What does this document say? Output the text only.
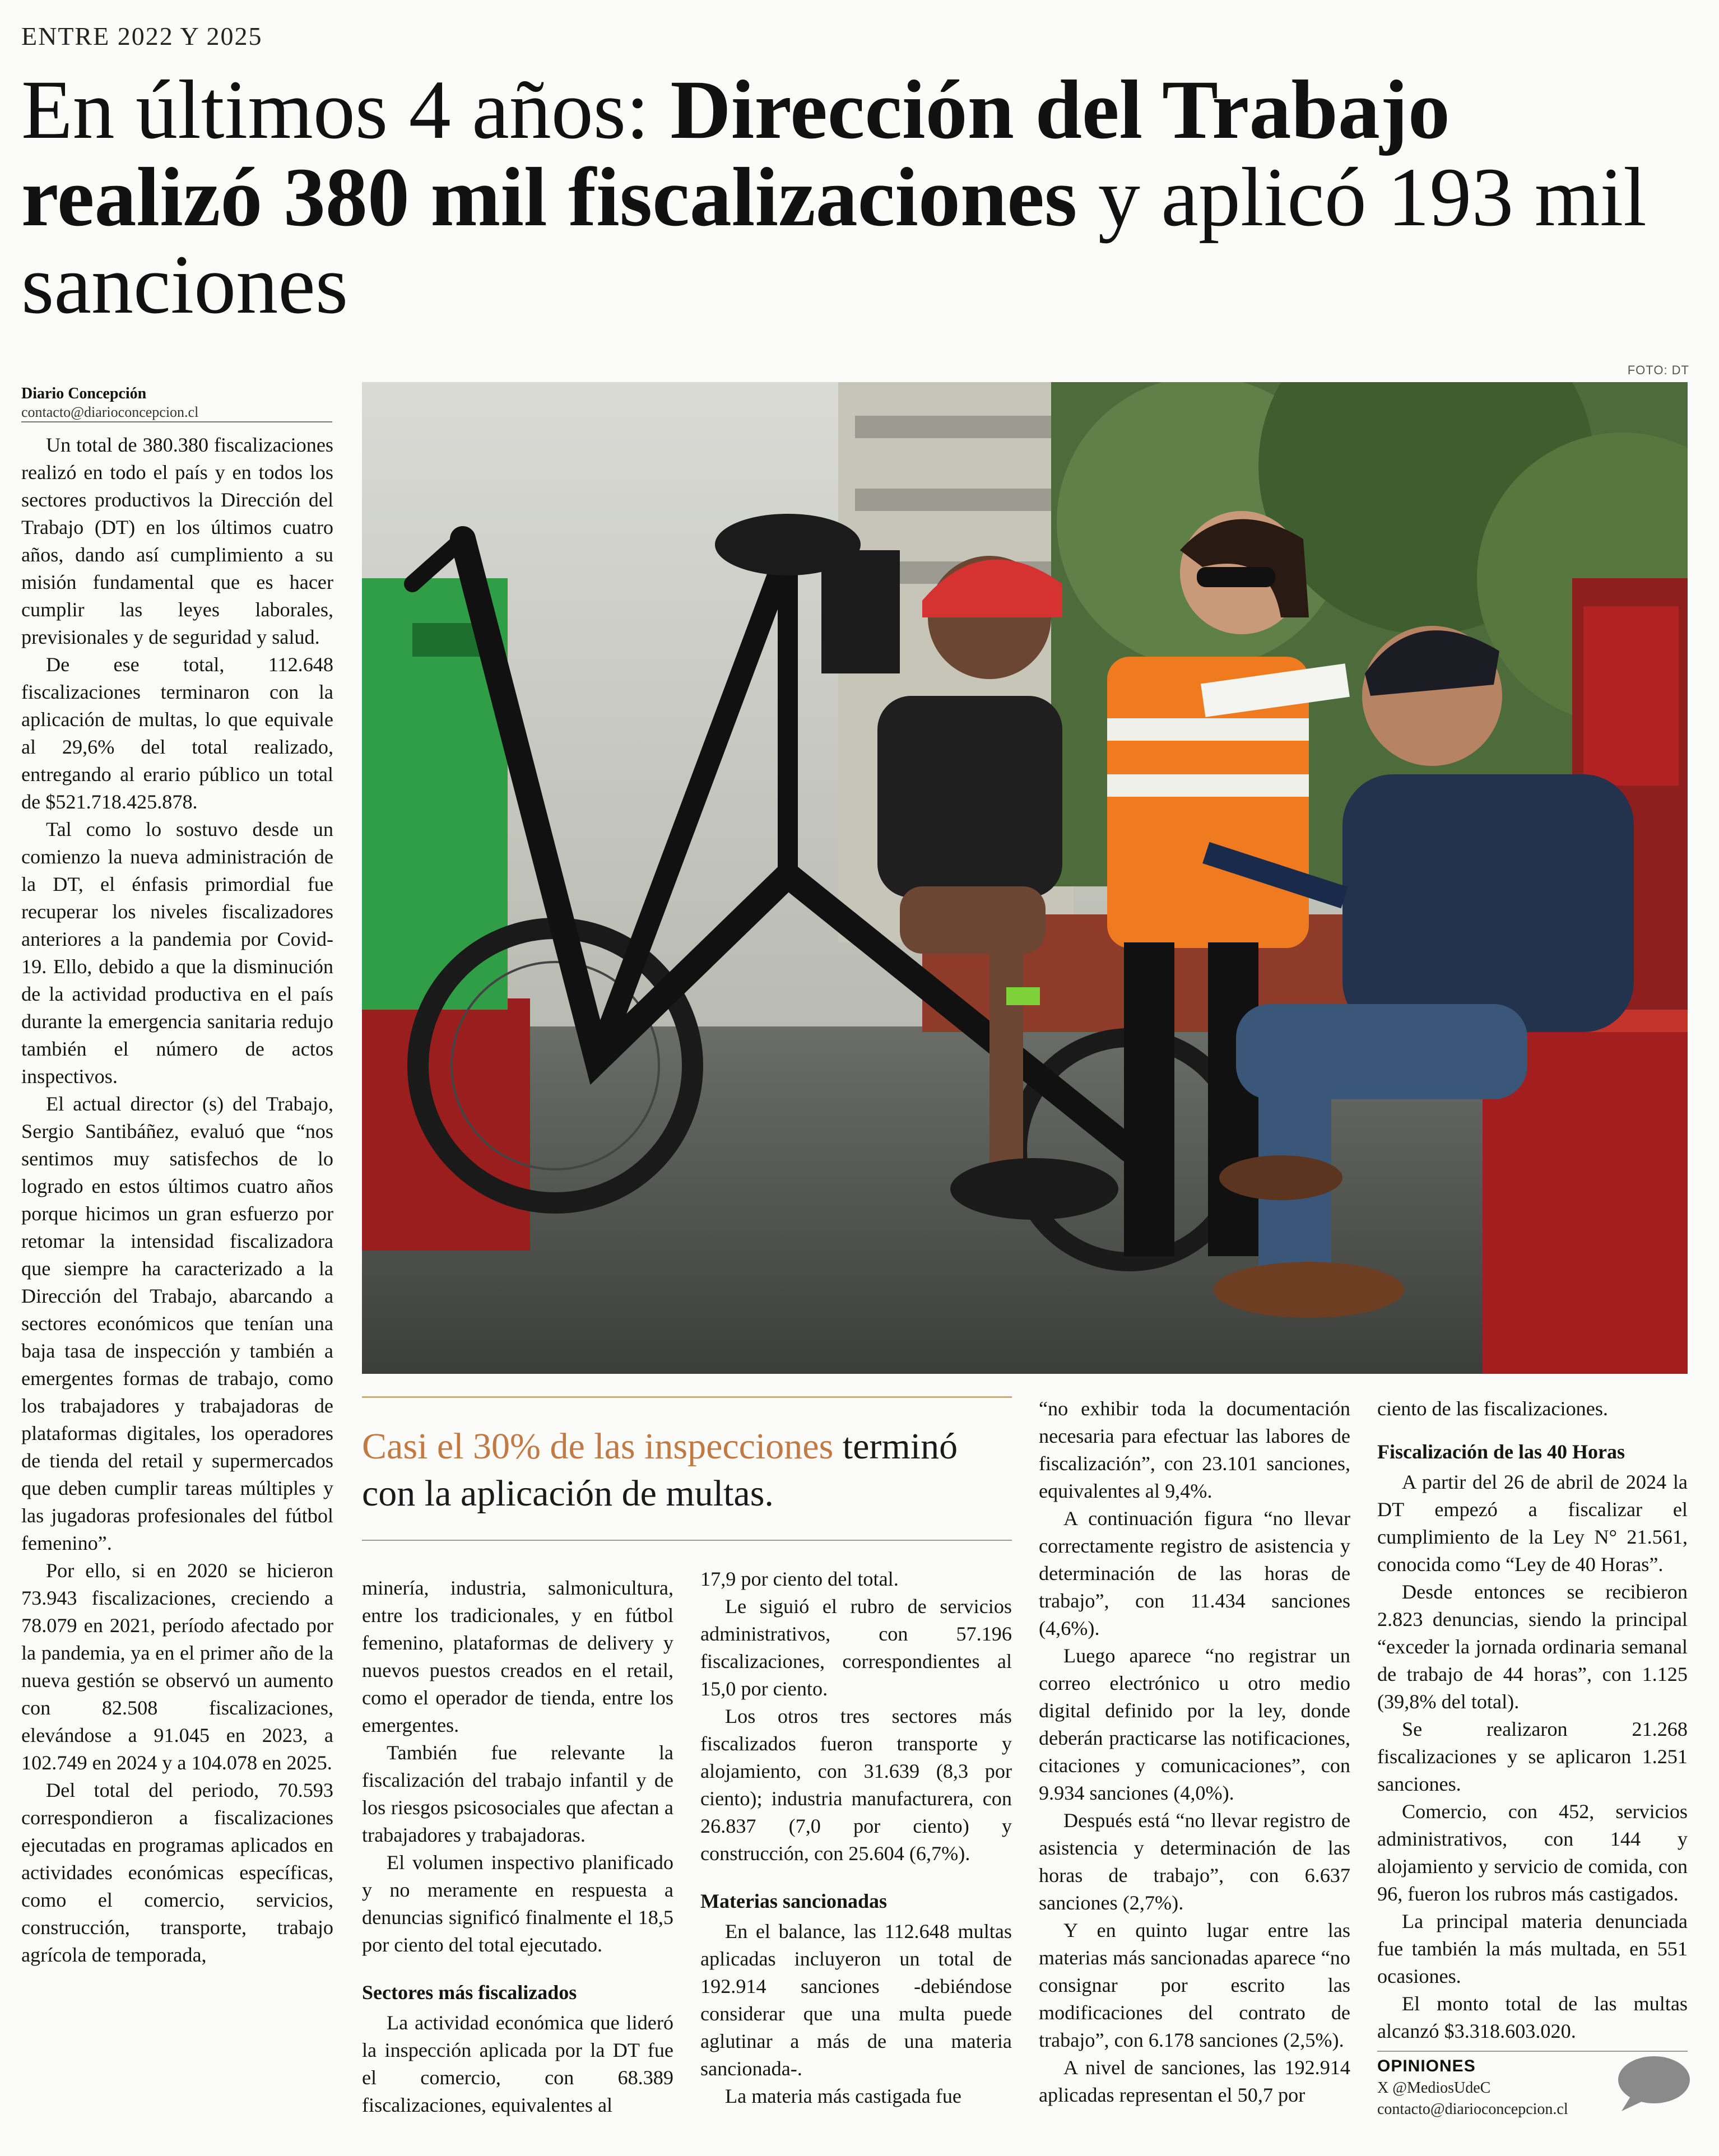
ENTRE 2022 Y 2025
En últimos 4 años: Dirección del Trabajo realizó 380 mil fiscalizaciones y aplicó 193 mil sanciones
Diario Concepción
contacto@diarioconcepcion.cl
FOTO: DT

Un total de 380.380 fiscalizaciones realizó en todo el país y en todos los sectores productivos la Dirección del Trabajo (DT) en los últimos cuatro años, dando así cumplimiento a su misión fundamental que es hacer cumplir las leyes laborales, previsionales y de seguridad y salud.

De ese total, 112.648 fiscalizaciones terminaron con la aplicación de multas, lo que equivale al 29,6% del total realizado, entregando al erario público un total de $521.718.425.878.

Tal como lo sostuvo desde un comienzo la nueva administración de la DT, el énfasis primordial fue recuperar los niveles fiscalizadores anteriores a la pandemia por Covid-19. Ello, debido a que la disminución de la actividad productiva en el país durante la emergencia sanitaria redujo también el número de actos inspectivos.

El actual director (s) del Trabajo, Sergio Santibáñez, evaluó que “nos sentimos muy satisfechos de lo logrado en estos últimos cuatro años porque hicimos un gran esfuerzo por retomar la intensidad fiscalizadora que siempre ha caracterizado a la Dirección del Trabajo, abarcando a sectores económicos que tenían una baja tasa de inspección y también a emergentes formas de trabajo, como los trabajadores y trabajadoras de plataformas digitales, los operadores de tienda del retail y supermercados que deben cumplir tareas múltiples y las jugadoras profesionales del fútbol femenino”.

Por ello, si en 2020 se hicieron 73.943 fiscalizaciones, creciendo a 78.079 en 2021, período afectado por la pandemia, ya en el primer año de la nueva gestión se observó un aumento con 82.508 fiscalizaciones, elevándose a 91.045 en 2023, a 102.749 en 2024 y a 104.078 en 2025.

Del total del periodo, 70.593 correspondieron a fiscalizaciones ejecutadas en programas aplicados en actividades económicas específicas, como el comercio, servicios, construcción, transporte, trabajo agrícola de temporada,

Casi el 30% de las inspecciones terminó con la aplicación de multas.

minería, industria, salmonicultura, entre los tradicionales, y en fútbol femenino, plataformas de delivery y nuevos puestos creados en el retail, como el operador de tienda, entre los emergentes.

También fue relevante la fiscalización del trabajo infantil y de los riesgos psicosociales que afectan a trabajadores y trabajadoras.

El volumen inspectivo planificado y no meramente en respuesta a denuncias significó finalmente el 18,5 por ciento del total ejecutado.

Sectores más fiscalizados

La actividad económica que lideró la inspección aplicada por la DT fue el comercio, con 68.389 fiscalizaciones, equivalentes al

17,9 por ciento del total.

Le siguió el rubro de servicios administrativos, con 57.196 fiscalizaciones, correspondientes al 15,0 por ciento.

Los otros tres sectores más fiscalizados fueron transporte y alojamiento, con 31.639 (8,3 por ciento); industria manufacturera, con 26.837 (7,0 por ciento) y construcción, con 25.604 (6,7%).

Materias sancionadas

En el balance, las 112.648 multas aplicadas incluyeron un total de 192.914 sanciones -debiéndose considerar que una multa puede aglutinar a más de una materia sancionada-.

La materia más castigada fue

“no exhibir toda la documentación necesaria para efectuar las labores de fiscalización”, con 23.101 sanciones, equivalentes al 9,4%.

A continuación figura “no llevar correctamente registro de asistencia y determinación de las horas de trabajo”, con 11.434 sanciones (4,6%).

Luego aparece “no registrar un correo electrónico u otro medio digital definido por la ley, donde deberán practicarse las notificaciones, citaciones y comunicaciones”, con 9.934 sanciones (4,0%).

Después está “no llevar registro de asistencia y determinación de las horas de trabajo”, con 6.637 sanciones (2,7%).

Y en quinto lugar entre las materias más sancionadas aparece “no consignar por escrito las modificaciones del contrato de trabajo”, con 6.178 sanciones (2,5%).

A nivel de sanciones, las 192.914 aplicadas representan el 50,7 por

ciento de las fiscalizaciones.

Fiscalización de las 40 Horas

A partir del 26 de abril de 2024 la DT empezó a fiscalizar el cumplimiento de la Ley N° 21.561, conocida como “Ley de 40 Horas”.

Desde entonces se recibieron 2.823 denuncias, siendo la principal “exceder la jornada ordinaria semanal de trabajo de 44 horas”, con 1.125 (39,8% del total).

Se realizaron 21.268 fiscalizaciones y se aplicaron 1.251 sanciones.

Comercio, con 452, servicios administrativos, con 144 y alojamiento y servicio de comida, con 96, fueron los rubros más castigados.

La principal materia denunciada fue también la más multada, en 551 ocasiones.

El monto total de las multas alcanzó $3.318.603.020.

OPINIONES
X @MediosUdeC
contacto@diarioconcepcion.cl
